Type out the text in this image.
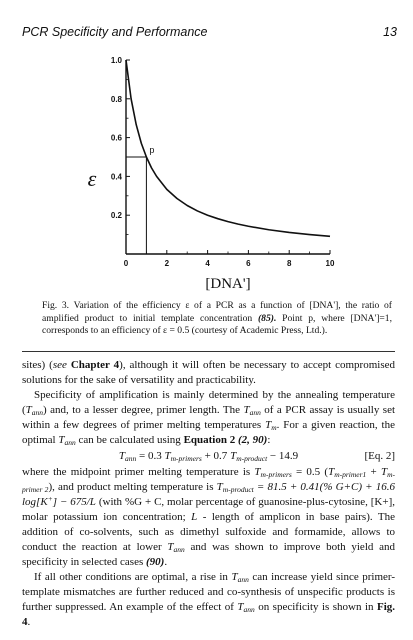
PCR Specificity and Performance	13
0.2
0.4
0.6
0.8
1.0
0	2	4	6	8	10
p
ε
[DNA']
Fig. 3. Variation of the efficiency ε of a PCR as a function of [DNA'], the ratio of amplified product to initial template concentration (85). Point p, where [DNA']=1, corresponds to an efficiency of ε = 0.5 (courtesy of Academic Press, Ltd.).

sites) (see Chapter 4), although it will often be necessary to accept compromised solutions for the sake of versatility and practicability.

Specificity of amplification is mainly determined by the annealing temperature $(T_{ann})$ and, to a lesser degree, primer length. The $T_{ann}$ of a PCR assay is usually set within a few degrees of primer melting temperatures $T_m$. For a given reaction, the optimal $T_{ann}$ can be calculated using Equation 2 (2, 90):

$T_{ann} = 0.3$ $T_{m-primers} + 0.7$ $T_{m-product} - 14.9$	[Eq. 2]

where the midpoint primer melting temperature is $T_{m-primers} = 0.5$ $(T_{m-primer1} + T_{m-primer 2})$, and product melting temperature is $T_{m-product} = 81.5 + 0.41(\%$ G+C) + 16.6 log[K+] − 675/L (with %G + C, molar percentage of guanosine-plus-cytosine, [K+], molar potassium ion concentration; L - length of amplicon in base pairs). The addition of co-solvents, such as dimethyl sulfoxide and formamide, allows to conduct the reaction at lower $T_{ann}$ and was shown to improve both yield and specificity in selected cases (90).

If all other conditions are optimal, a rise in $T_{ann}$ can increase yield since primer-template mismatches are further reduced and co-synthesis of unspecific products is further suppressed. An example of the effect of $T_{ann}$ on specificity is shown in Fig. 4.
